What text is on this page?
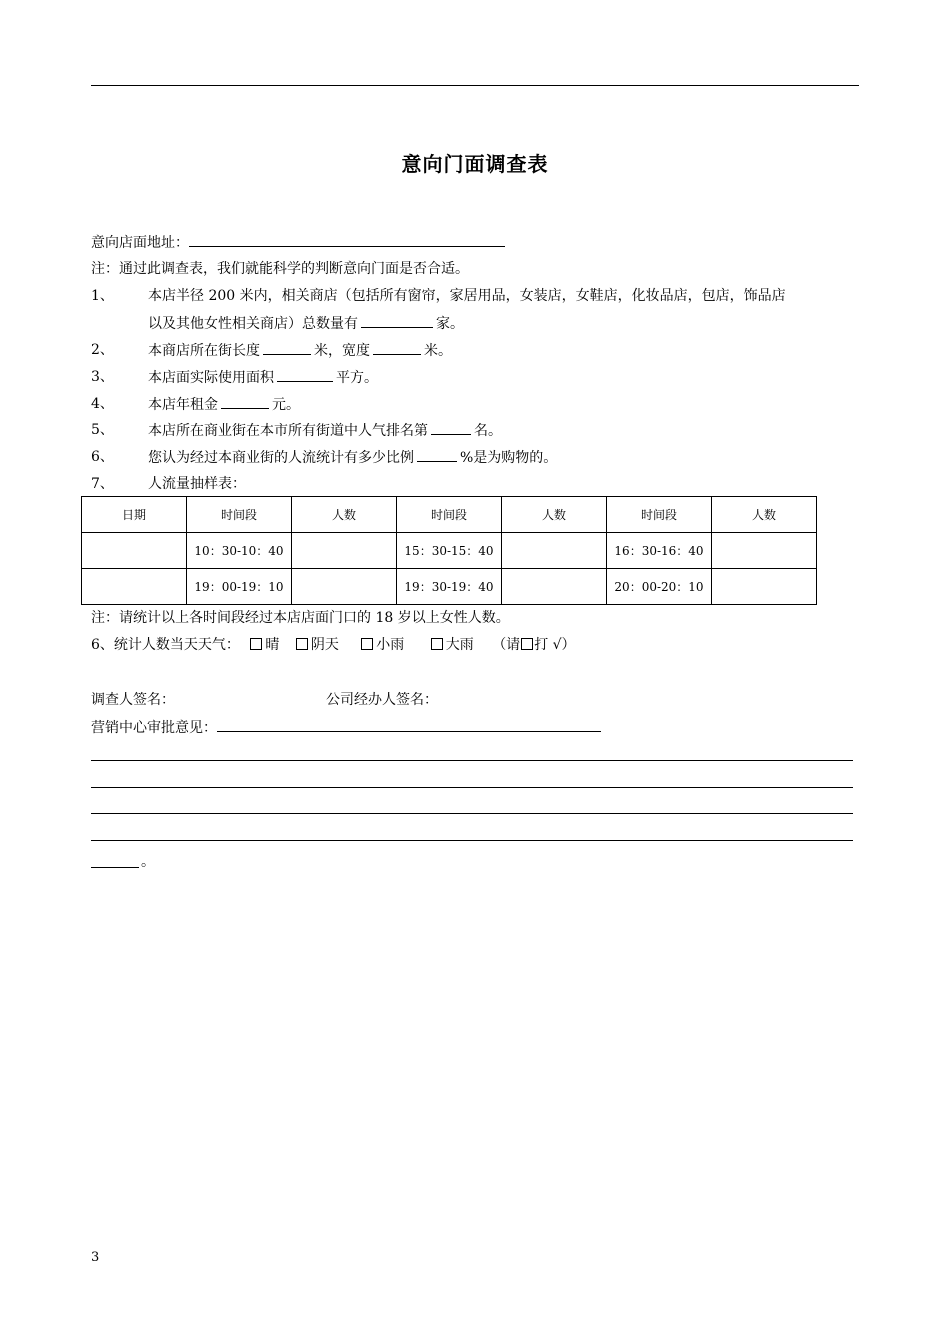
意向门面调查表
意向店面地址：
注：通过此调查表，我们就能科学的判断意向门面是否合适。
1、 本店半径 200 米内，相关商店（包括所有窗帘，家居用品，女装店，女鞋店，化妆品店，包店，饰品店
以及其他女性相关商店）总数量有	家。
2、 本商店所在街长度	米，宽度	米。
3、 本店面实际使用面积	平方。
4、 本店年租金	元。
5、 本店所在商业街在本市所有街道中人气排名第	名。
6、 您认为经过本商业街的人流统计有多少比例	%是为购物的。
7、 人流量抽样表：
日期	时间段	人数	时间段	人数	时间段	人数
	10：30-10：40		15：30-15：40		16：30-16：40	
	19：00-19：10		19：30-19：40		20：00-20：10	
注：请统计以上各时间段经过本店店面门口的 18 岁以上女性人数。
6、统计人数当天天气： 晴 阴天	小雨	大雨 （请 打 √）
调查人签名：	公司经办人签名：
营销中心审批意见：
。
3
